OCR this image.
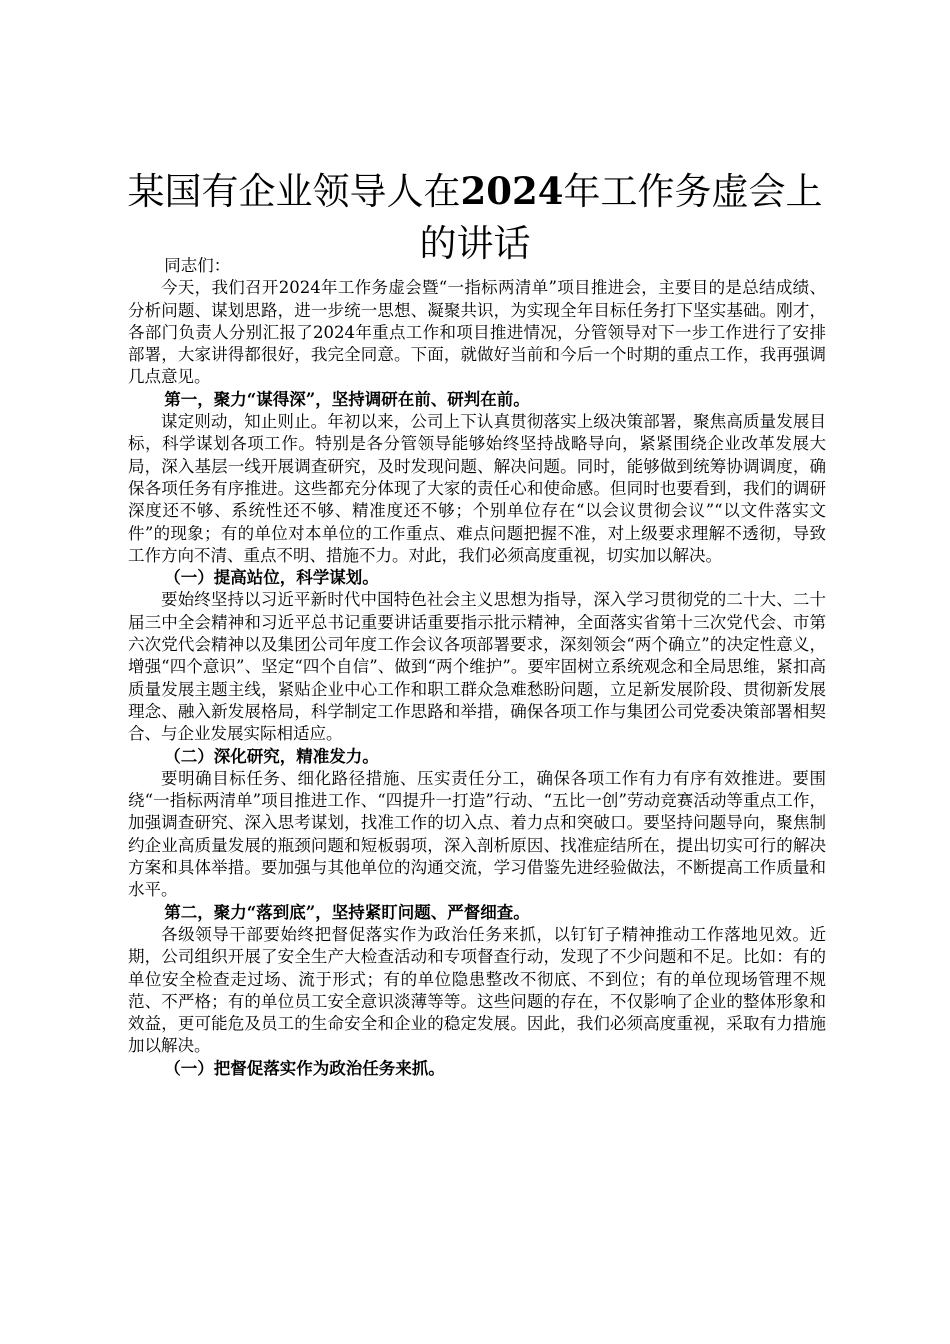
某国有企业领导人在2024年工作务虚会上的讲话

同志们：

今天，我们召开2024年工作务虚会暨“一指标两清单”项目推进会，主要目的是总结成绩、分析问题、谋划思路，进一步统一思想、凝聚共识，为实现全年目标任务打下坚实基础。刚才，各部门负责人分别汇报了2024年重点工作和项目推进情况，分管领导对下一步工作进行了安排部署，大家讲得都很好，我完全同意。下面，就做好当前和今后一个时期的重点工作，我再强调几点意见。

第一，聚力“谋得深”，坚持调研在前、研判在前。

谋定则动，知止则止。年初以来，公司上下认真贯彻落实上级决策部署，聚焦高质量发展目标，科学谋划各项工作。特别是各分管领导能够始终坚持战略导向，紧紧围绕企业改革发展大局，深入基层一线开展调查研究，及时发现问题、解决问题。同时，能够做到统筹协调调度，确保各项任务有序推进。这些都充分体现了大家的责任心和使命感。但同时也要看到，我们的调研深度还不够、系统性还不够、精准度还不够；个别单位存在“以会议贯彻会议”“以文件落实文件”的现象；有的单位对本单位的工作重点、难点问题把握不准，对上级要求理解不透彻，导致工作方向不清、重点不明、措施不力。对此，我们必须高度重视，切实加以解决。

（一）提高站位，科学谋划。

要始终坚持以习近平新时代中国特色社会主义思想为指导，深入学习贯彻党的二十大、二十届三中全会精神和习近平总书记重要讲话重要指示批示精神，全面落实省第十三次党代会、市第六次党代会精神以及集团公司年度工作会议各项部署要求，深刻领会“两个确立”的决定性意义，增强“四个意识”、坚定“四个自信”、做到“两个维护”。要牢固树立系统观念和全局思维，紧扣高质量发展主题主线，紧贴企业中心工作和职工群众急难愁盼问题，立足新发展阶段、贯彻新发展理念、融入新发展格局，科学制定工作思路和举措，确保各项工作与集团公司党委决策部署相契合、与企业发展实际相适应。

（二）深化研究，精准发力。

要明确目标任务、细化路径措施、压实责任分工，确保各项工作有力有序有效推进。要围绕“一指标两清单”项目推进工作、“四提升一打造”行动、“五比一创”劳动竞赛活动等重点工作，加强调查研究、深入思考谋划，找准工作的切入点、着力点和突破口。要坚持问题导向，聚焦制约企业高质量发展的瓶颈问题和短板弱项，深入剖析原因、找准症结所在，提出切实可行的解决方案和具体举措。要加强与其他单位的沟通交流，学习借鉴先进经验做法，不断提高工作质量和水平。

第二，聚力“落到底”，坚持紧盯问题、严督细查。

各级领导干部要始终把督促落实作为政治任务来抓，以钉钉子精神推动工作落地见效。近期，公司组织开展了安全生产大检查活动和专项督查行动，发现了不少问题和不足。比如：有的单位安全检查走过场、流于形式；有的单位隐患整改不彻底、不到位；有的单位现场管理不规范、不严格；有的单位员工安全意识淡薄等等。这些问题的存在，不仅影响了企业的整体形象和效益，更可能危及员工的生命安全和企业的稳定发展。因此，我们必须高度重视，采取有力措施加以解决。

（一）把督促落实作为政治任务来抓。
